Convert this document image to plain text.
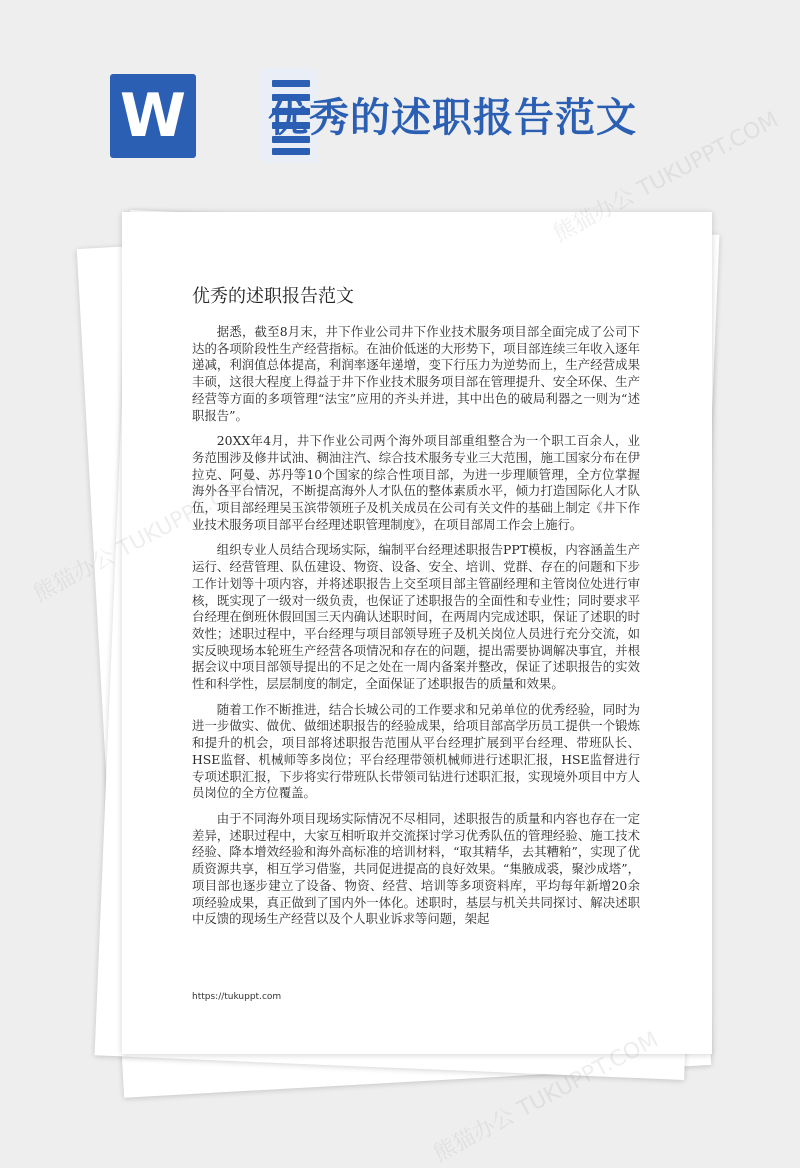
W 优秀的述职报告范文
优秀的述职报告范文

据悉，截至8月末，井下作业公司井下作业技术服务项目部全面完成了公司下达的各项阶段性生产经营指标。在油价低迷的大形势下，项目部连续三年收入逐年递减，利润值总体提高，利润率逐年递增，变下行压力为逆势而上，生产经营成果丰硕，这很大程度上得益于井下作业技术服务项目部在管理提升、安全环保、生产经营等方面的多项管理“法宝”应用的齐头并进，其中出色的破局利器之一则为“述职报告”。

20XX年4月，井下作业公司两个海外项目部重组整合为一个职工百余人，业务范围涉及修井试油、稠油注汽、综合技术服务专业三大范围，施工国家分布在伊拉克、阿曼、苏丹等10个国家的综合性项目部，为进一步理顺管理，全方位掌握海外各平台情况，不断提高海外人才队伍的整体素质水平，倾力打造国际化人才队伍，项目部经理吴玉滨带领班子及机关成员在公司有关文件的基础上制定《井下作业技术服务项目部平台经理述职管理制度》，在项目部周工作会上施行。

组织专业人员结合现场实际，编制平台经理述职报告PPT模板，内容涵盖生产运行、经营管理、队伍建设、物资、设备、安全、培训、党群、存在的问题和下步工作计划等十项内容，并将述职报告上交至项目部主管副经理和主管岗位处进行审核，既实现了一级对一级负责，也保证了述职报告的全面性和专业性；同时要求平台经理在倒班休假回国三天内确认述职时间，在两周内完成述职，保证了述职的时效性；述职过程中，平台经理与项目部领导班子及机关岗位人员进行充分交流，如实反映现场本轮班生产经营各项情况和存在的问题，提出需要协调解决事宜，并根据会议中项目部领导提出的不足之处在一周内备案并整改，保证了述职报告的实效性和科学性，层层制度的制定，全面保证了述职报告的质量和效果。

随着工作不断推进，结合长城公司的工作要求和兄弟单位的优秀经验，同时为进一步做实、做优、做细述职报告的经验成果，给项目部高学历员工提供一个锻炼和提升的机会，项目部将述职报告范围从平台经理扩展到平台经理、带班队长、HSE监督、机械师等多岗位；平台经理带领机械师进行述职汇报，HSE监督进行专项述职汇报，下步将实行带班队长带领司钻进行述职汇报，实现境外项目中方人员岗位的全方位覆盖。

由于不同海外项目现场实际情况不尽相同，述职报告的质量和内容也存在一定差异，述职过程中，大家互相听取并交流探讨学习优秀队伍的管理经验、施工技术经验、降本增效经验和海外高标准的培训材料，“取其精华，去其糟粕”，实现了优质资源共享，相互学习借鉴，共同促进提高的良好效果。“集腋成裘，聚沙成塔”，项目部也逐步建立了设备、物资、经营、培训等多项资料库，平均每年新增20余项经验成果，真正做到了国内外一体化。述职时，基层与机关共同探讨、解决述职中反馈的现场生产经营以及个人职业诉求等问题，架起

https://tukuppt.com
熊猫办公 TUKUPPT.COM
熊猫办公
熊猫办公 TUKUPPT.COM
